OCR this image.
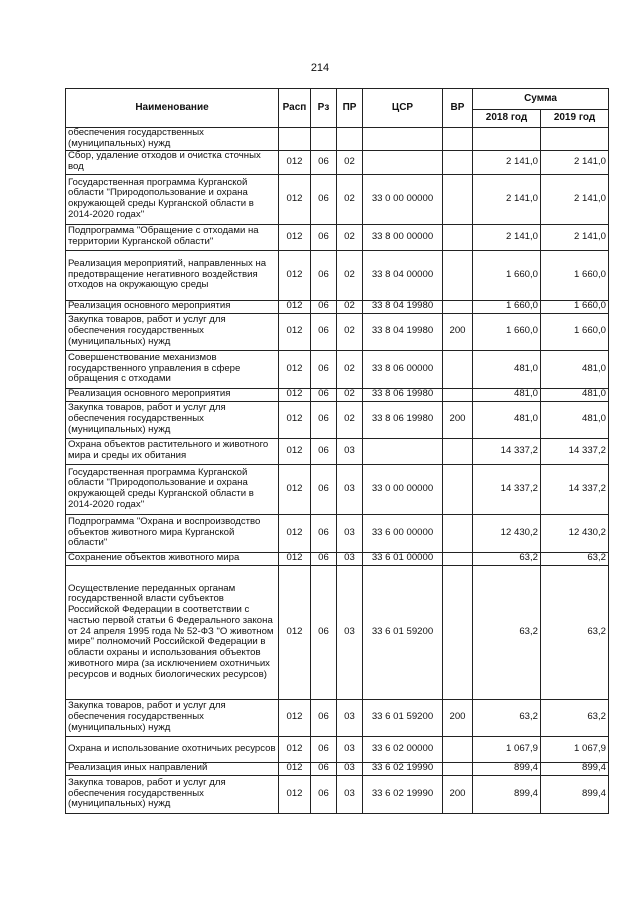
214
Наименование	Расп	Рз	ПР	ЦСР	ВР	Сумма	
						2018 год	2019 год
обеспечения государственных (муниципальных) нужд							
Сбор, удаление отходов и очистка сточных вод	012	06	02			2 141,0	2 141,0
Государственная программа Курганской области "Природопользование и охрана окружающей среды Курганской области в 2014-2020 годах"	012	06	02	33 0 00 00000		2 141,0	2 141,0
Подпрограмма "Обращение с отходами на территории Курганской области"	012	06	02	33 8 00 00000		2 141,0	2 141,0
Реализация мероприятий, направленных на предотвращение негативного воздействия отходов на окружающую среды	012	06	02	33 8 04 00000		1 660,0	1 660,0
Реализация основного мероприятия	012	06	02	33 8 04 19980		1 660,0	1 660,0
Закупка товаров, работ и услуг для обеспечения государственных (муниципальных) нужд	012	06	02	33 8 04 19980	200	1 660,0	1 660,0
Совершенствование механизмов государственного управления в сфере обращения с отходами	012	06	02	33 8 06 00000		481,0	481,0
Реализация основного мероприятия	012	06	02	33 8 06 19980		481,0	481,0
Закупка товаров, работ и услуг для обеспечения государственных (муниципальных) нужд	012	06	02	33 8 06 19980	200	481,0	481,0
Охрана объектов растительного и животного мира и среды их обитания	012	06	03			14 337,2	14 337,2
Государственная программа Курганской области "Природопользование и охрана окружающей среды Курганской области в 2014-2020 годах"	012	06	03	33 0 00 00000		14 337,2	14 337,2
Подпрограмма "Охрана и воспроизводство объектов животного мира Курганской области"	012	06	03	33 6 00 00000		12 430,2	12 430,2
Сохранение объектов животного мира	012	06	03	33 6 01 00000		63,2	63,2
Осуществление переданных органам государственной власти субъектов Российской Федерации в соответствии с частью первой статьи 6 Федерального закона от 24 апреля 1995 года № 52-ФЗ "О животном мире" полномочий Российской Федерации в области охраны и использования объектов животного мира (за исключением охотничьих ресурсов и водных биологических ресурсов)	012	06	03	33 6 01 59200		63,2	63,2
Закупка товаров, работ и услуг для обеспечения государственных (муниципальных) нужд	012	06	03	33 6 01 59200	200	63,2	63,2
Охрана и использование охотничьих ресурсов	012	06	03	33 6 02 00000		1 067,9	1 067,9
Реализация иных направлений	012	06	03	33 6 02 19990		899,4	899,4
Закупка товаров, работ и услуг для обеспечения государственных (муниципальных) нужд	012	06	03	33 6 02 19990	200	899,4	899,4
